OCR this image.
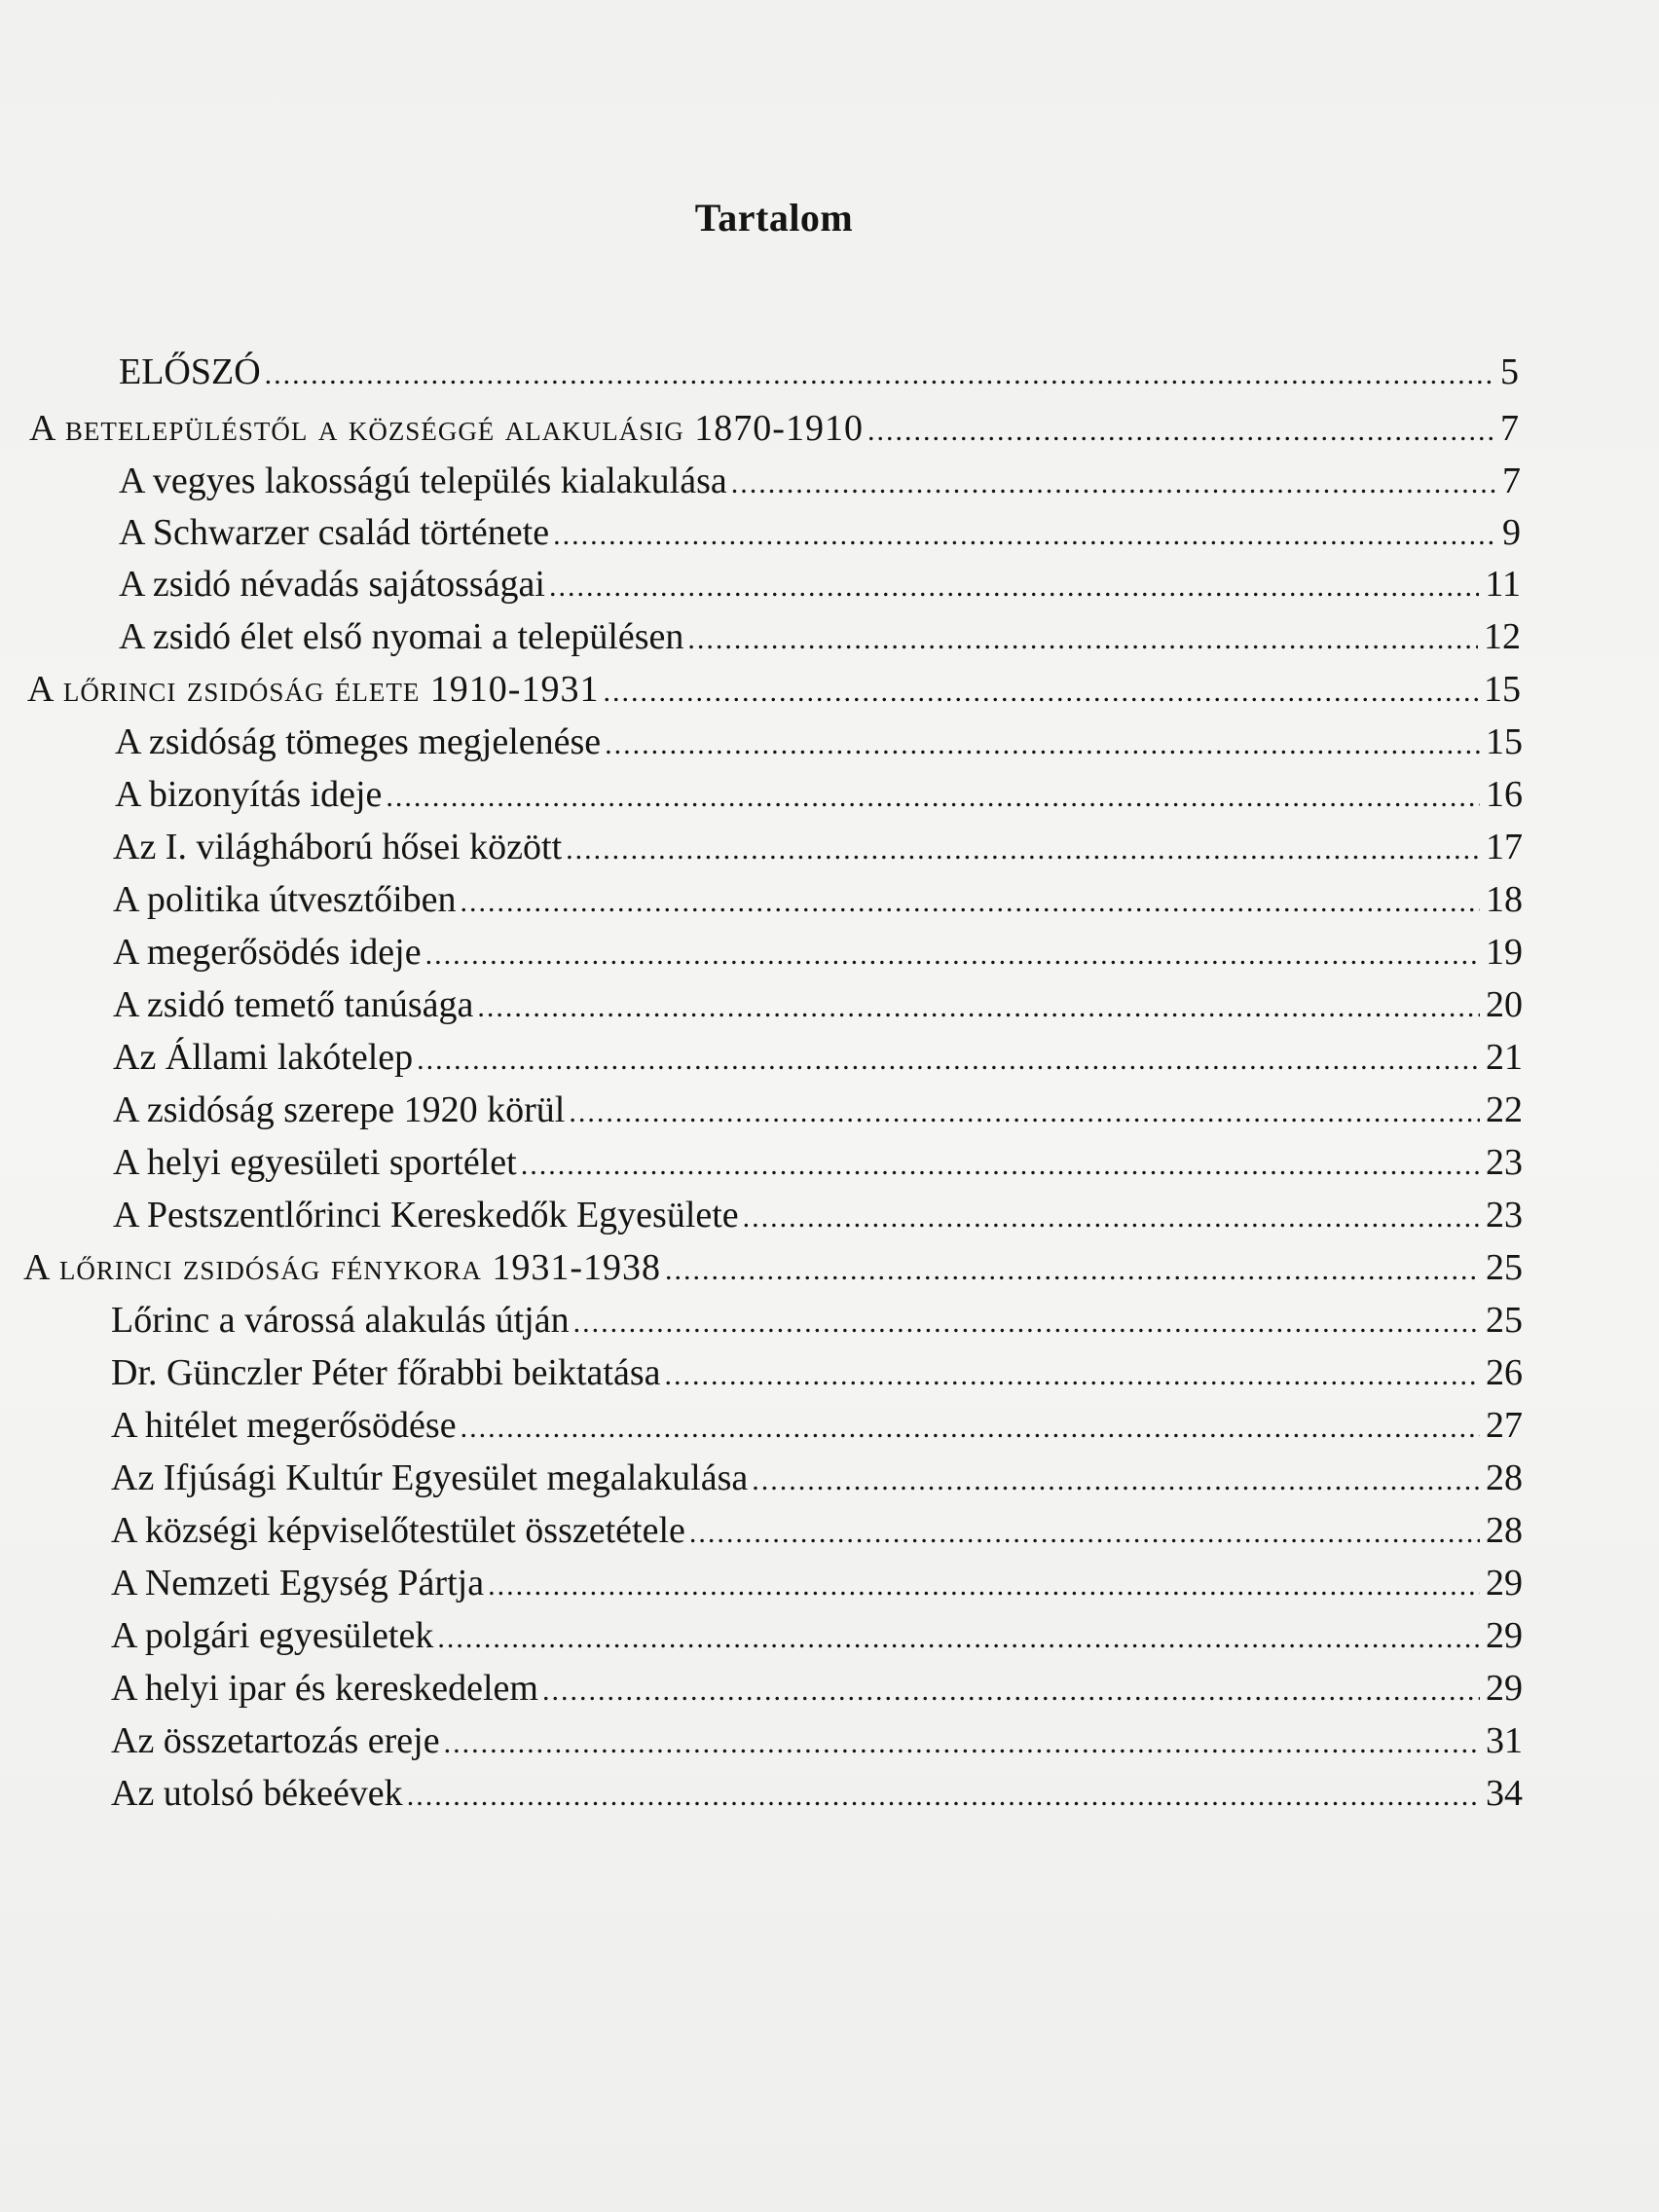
Tartalom
ELŐSZÓ .....	5
A betelepüléstől a községgé alakulásig 1870-1910 .....	7
A vegyes lakosságú település kialakulása .....	7
A Schwarzer család története .....	9
A zsidó névadás sajátosságai .....	11
A zsidó élet első nyomai a településen .....	12
A lőrinci zsidóság élete 1910-1931 .....	15
A zsidóság tömeges megjelenése .....	15
A bizonyítás ideje .....	16
Az I. világháború hősei között .....	17
A politika útvesztőiben .....	18
A megerősödés ideje .....	19
A zsidó temető tanúsága .....	20
Az Állami lakótelep .....	21
A zsidóság szerepe 1920 körül .....	22
A helyi egyesületi sportélet .....	23
A Pestszentlőrinci Kereskedők Egyesülete .....	23
A lőrinci zsidóság fénykora 1931-1938 .....	25
Lőrinc a várossá alakulás útján .....	25
Dr. Günczler Péter főrabbi beiktatása .....	26
A hitélet megerősödése .....	27
Az Ifjúsági Kultúr Egyesület megalakulása .....	28
A községi képviselőtestület összetétele .....	28
A Nemzeti Egység Pártja .....	29
A polgári egyesületek .....	29
A helyi ipar és kereskedelem .....	29
Az összetartozás ereje .....	31
Az utolsó békeévek .....	34
